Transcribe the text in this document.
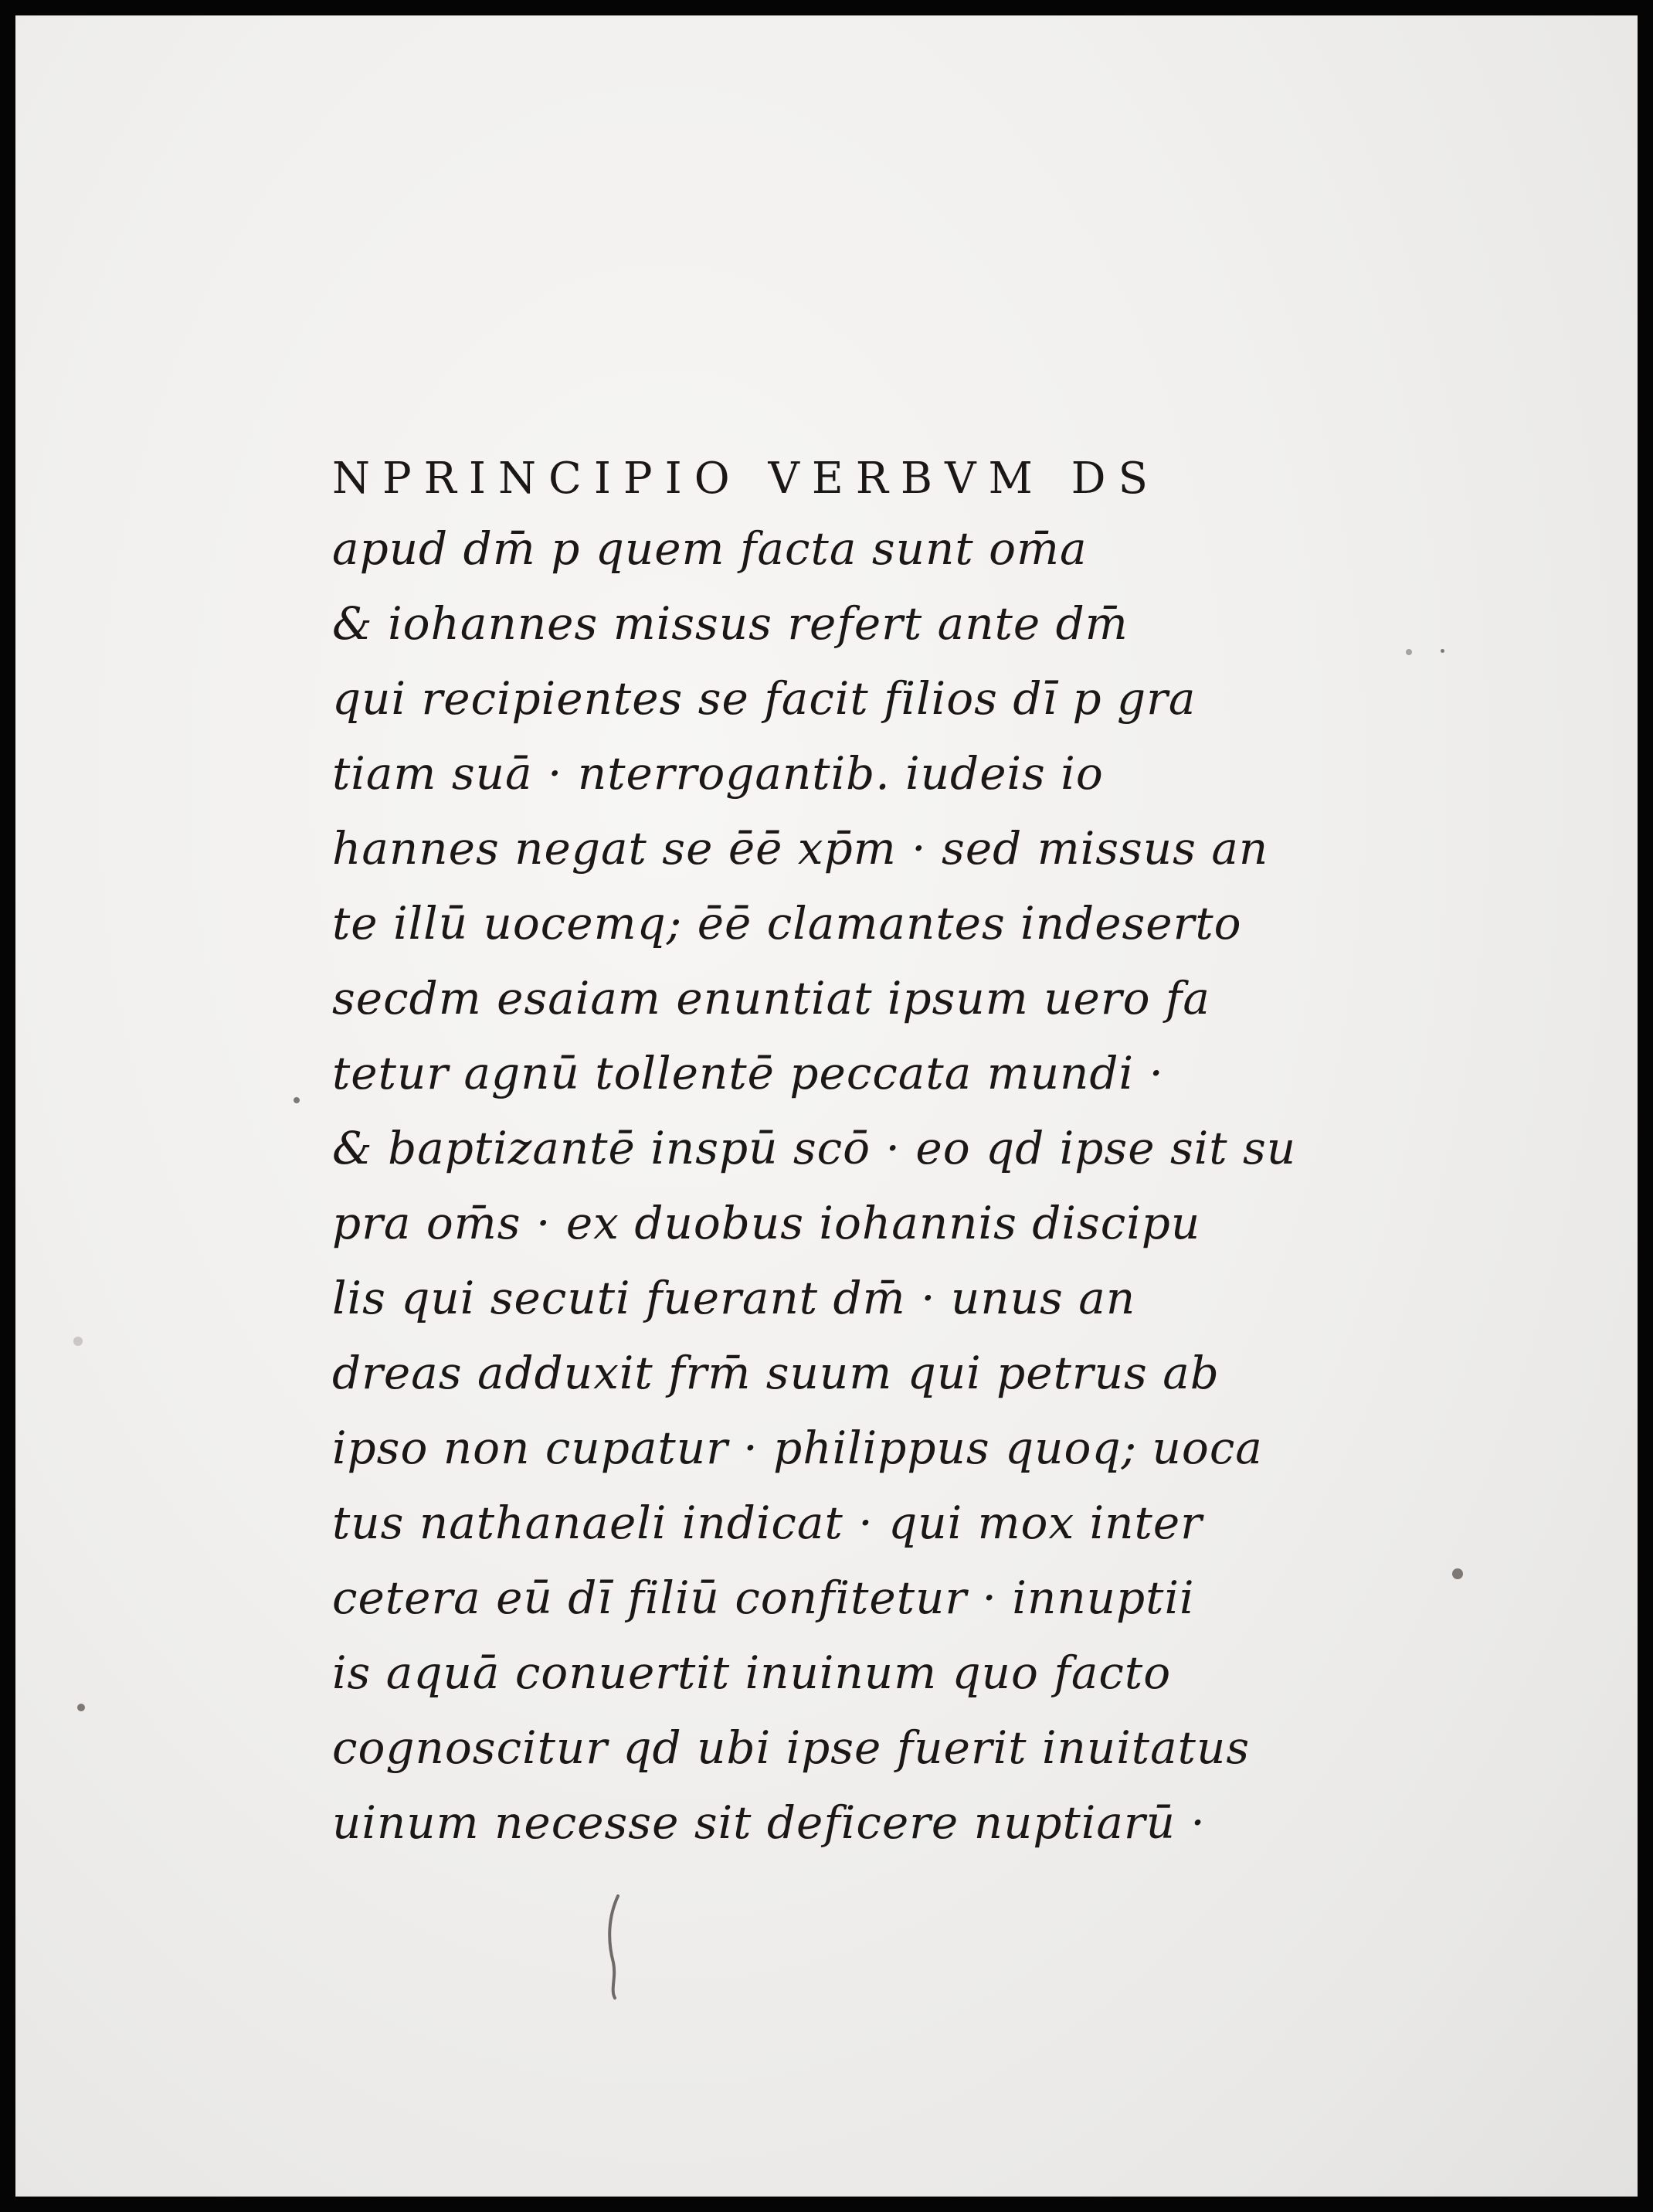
NPRINCIPIO VERBVM DS
apud dm̄ p quem facta sunt om̄a
& iohannes missus refert ante dm̄
qui recipientes se facit filios dī p gra
tiam suā · nterrogantib. iudeis io
hannes negat se ēē xp̄m · sed missus an
te illū uocemq; ēē clamantes indeserto
secdm esaiam enuntiat ipsum uero fa
tetur agnū tollentē peccata mundi ·
& baptizantē inspū scō · eo qd ipse sit su
pra om̄s · ex duobus iohannis discipu
lis qui secuti fuerant dm̄ · unus an
dreas adduxit frm̄ suum qui petrus ab
ipso non cupatur · philippus quoq; uoca
tus nathanaeli indicat · qui mox inter
cetera eū dī filiū confitetur · innuptii
is aquā conuertit inuinum quo facto
cognoscitur qd ubi ipse fuerit inuitatus
uinum necesse sit deficere nuptiarū ·
